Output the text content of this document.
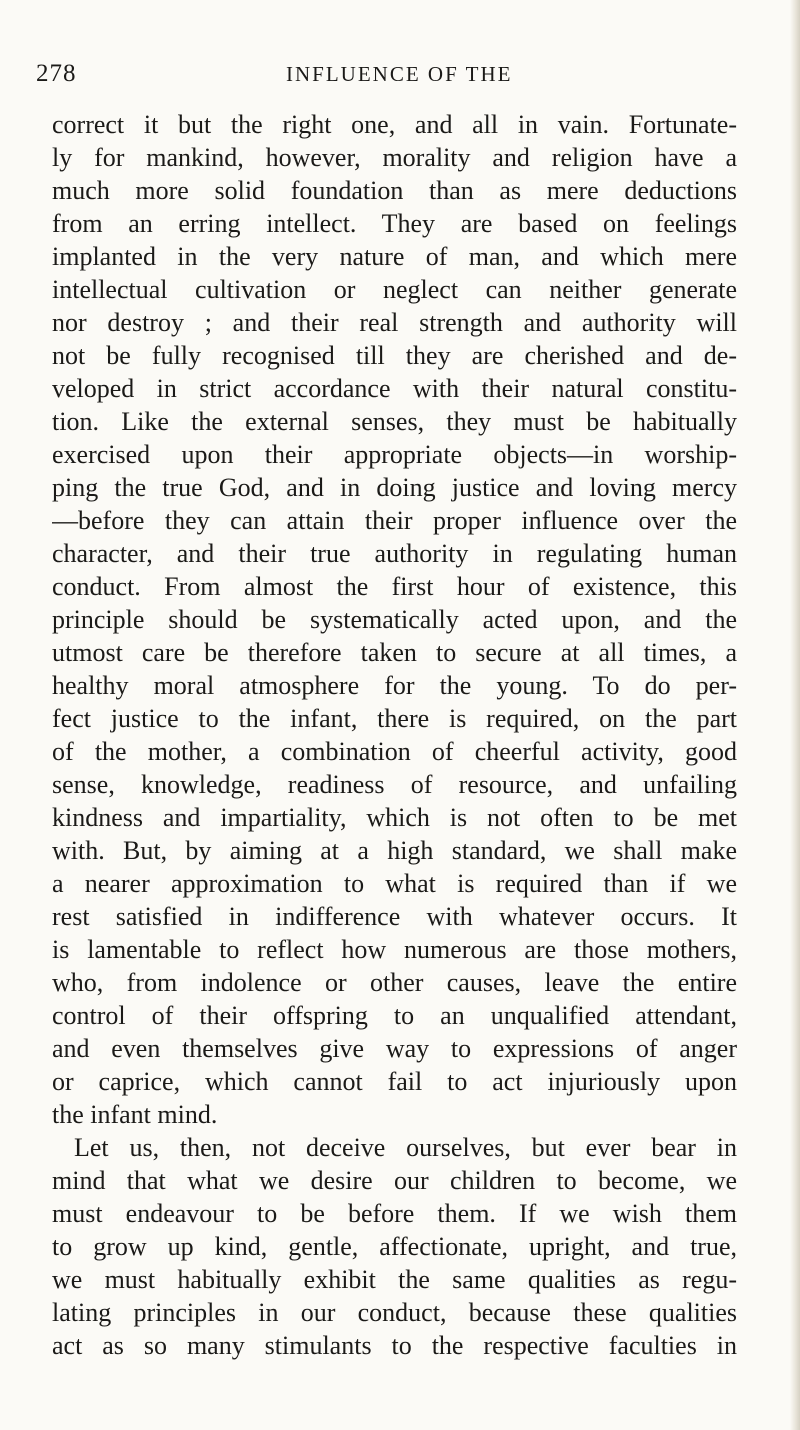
278	INFLUENCE OF THE
correct it but the right one, and all in vain. Fortunate-
ly for mankind, however, morality and religion have a
much more solid foundation than as mere deductions
from an erring intellect. They are based on feelings
implanted in the very nature of man, and which mere
intellectual cultivation or neglect can neither generate
nor destroy ; and their real strength and authority will
not be fully recognised till they are cherished and de-
veloped in strict accordance with their natural constitu-
tion. Like the external senses, they must be habitually
exercised upon their appropriate objects—in worship-
ping the true God, and in doing justice and loving mercy
—before they can attain their proper influence over the
character, and their true authority in regulating human
conduct. From almost the first hour of existence, this
principle should be systematically acted upon, and the
utmost care be therefore taken to secure at all times, a
healthy moral atmosphere for the young. To do per-
fect justice to the infant, there is required, on the part
of the mother, a combination of cheerful activity, good
sense, knowledge, readiness of resource, and unfailing
kindness and impartiality, which is not often to be met
with. But, by aiming at a high standard, we shall make
a nearer approximation to what is required than if we
rest satisfied in indifference with whatever occurs. It
is lamentable to reflect how numerous are those mothers,
who, from indolence or other causes, leave the entire
control of their offspring to an unqualified attendant,
and even themselves give way to expressions of anger
or caprice, which cannot fail to act injuriously upon
the infant mind.
Let us, then, not deceive ourselves, but ever bear in
mind that what we desire our children to become, we
must endeavour to be before them. If we wish them
to grow up kind, gentle, affectionate, upright, and true,
we must habitually exhibit the same qualities as regu-
lating principles in our conduct, because these qualities
act as so many stimulants to the respective faculties in
